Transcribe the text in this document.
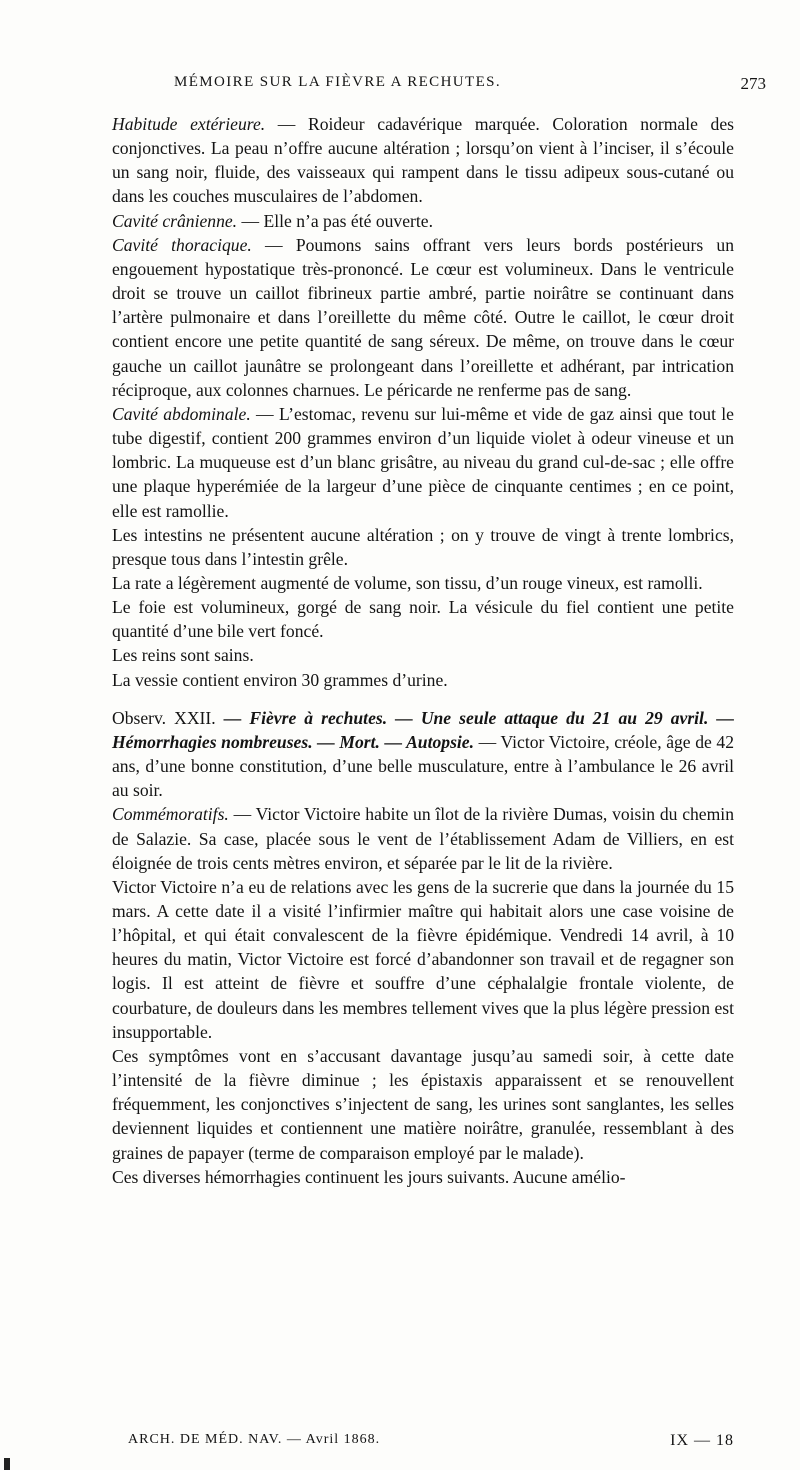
MÉMOIRE SUR LA FIÈVRE A RECHUTES.	273

Habitude extérieure. — Roideur cadavérique marquée. Coloration normale des conjonctives. La peau n’offre aucune altération ; lorsqu’on vient à l’inciser, il s’écoule un sang noir, fluide, des vaisseaux qui rampent dans le tissu adipeux sous-cutané ou dans les couches musculaires de l’abdomen.

Cavité crânienne. — Elle n’a pas été ouverte.

Cavité thoracique. — Poumons sains offrant vers leurs bords postérieurs un engouement hypostatique très-prononcé. Le cœur est volumineux. Dans le ventricule droit se trouve un caillot fibrineux partie ambré, partie noirâtre se continuant dans l’artère pulmonaire et dans l’oreillette du même côté. Outre le caillot, le cœur droit contient encore une petite quantité de sang séreux. De même, on trouve dans le cœur gauche un caillot jaunâtre se prolongeant dans l’oreillette et adhérant, par intrication réciproque, aux colonnes charnues. Le péricarde ne renferme pas de sang.

Cavité abdominale. — L’estomac, revenu sur lui-même et vide de gaz ainsi que tout le tube digestif, contient 200 grammes environ d’un liquide violet à odeur vineuse et un lombric. La muqueuse est d’un blanc grisâtre, au niveau du grand cul-de-sac ; elle offre une plaque hyperémiée de la largeur d’une pièce de cinquante centimes ; en ce point, elle est ramollie.

Les intestins ne présentent aucune altération ; on y trouve de vingt à trente lombrics, presque tous dans l’intestin grêle.

La rate a légèrement augmenté de volume, son tissu, d’un rouge vineux, est ramolli.

Le foie est volumineux, gorgé de sang noir. La vésicule du fiel contient une petite quantité d’une bile vert foncé.

Les reins sont sains.

La vessie contient environ 30 grammes d’urine.

Observ. XXII. — Fièvre à rechutes. — Une seule attaque du 21 au 29 avril. — Hémorrhagies nombreuses. — Mort. — Autopsie. — Victor Victoire, créole, âge de 42 ans, d’une bonne constitution, d’une belle musculature, entre à l’ambulance le 26 avril au soir.

Commémoratifs. — Victor Victoire habite un îlot de la rivière Dumas, voisin du chemin de Salazie. Sa case, placée sous le vent de l’établissement Adam de Villiers, en est éloignée de trois cents mètres environ, et séparée par le lit de la rivière.

Victor Victoire n’a eu de relations avec les gens de la sucrerie que dans la journée du 15 mars. A cette date il a visité l’infirmier maître qui habitait alors une case voisine de l’hôpital, et qui était convalescent de la fièvre épidémique. Vendredi 14 avril, à 10 heures du matin, Victor Victoire est forcé d’abandonner son travail et de regagner son logis. Il est atteint de fièvre et souffre d’une céphalalgie frontale violente, de courbature, de douleurs dans les membres tellement vives que la plus légère pression est insupportable.

Ces symptômes vont en s’accusant davantage jusqu’au samedi soir, à cette date l’intensité de la fièvre diminue ; les épistaxis apparaissent et se renouvellent fréquemment, les conjonctives s’injectent de sang, les urines sont sanglantes, les selles deviennent liquides et contiennent une matière noirâtre, granulée, ressemblant à des graines de papayer (terme de comparaison employé par le malade).

Ces diverses hémorrhagies continuent les jours suivants. Aucune amélio-

ARCH. DE MÉD. NAV. — Avril 1868.	IX — 18
